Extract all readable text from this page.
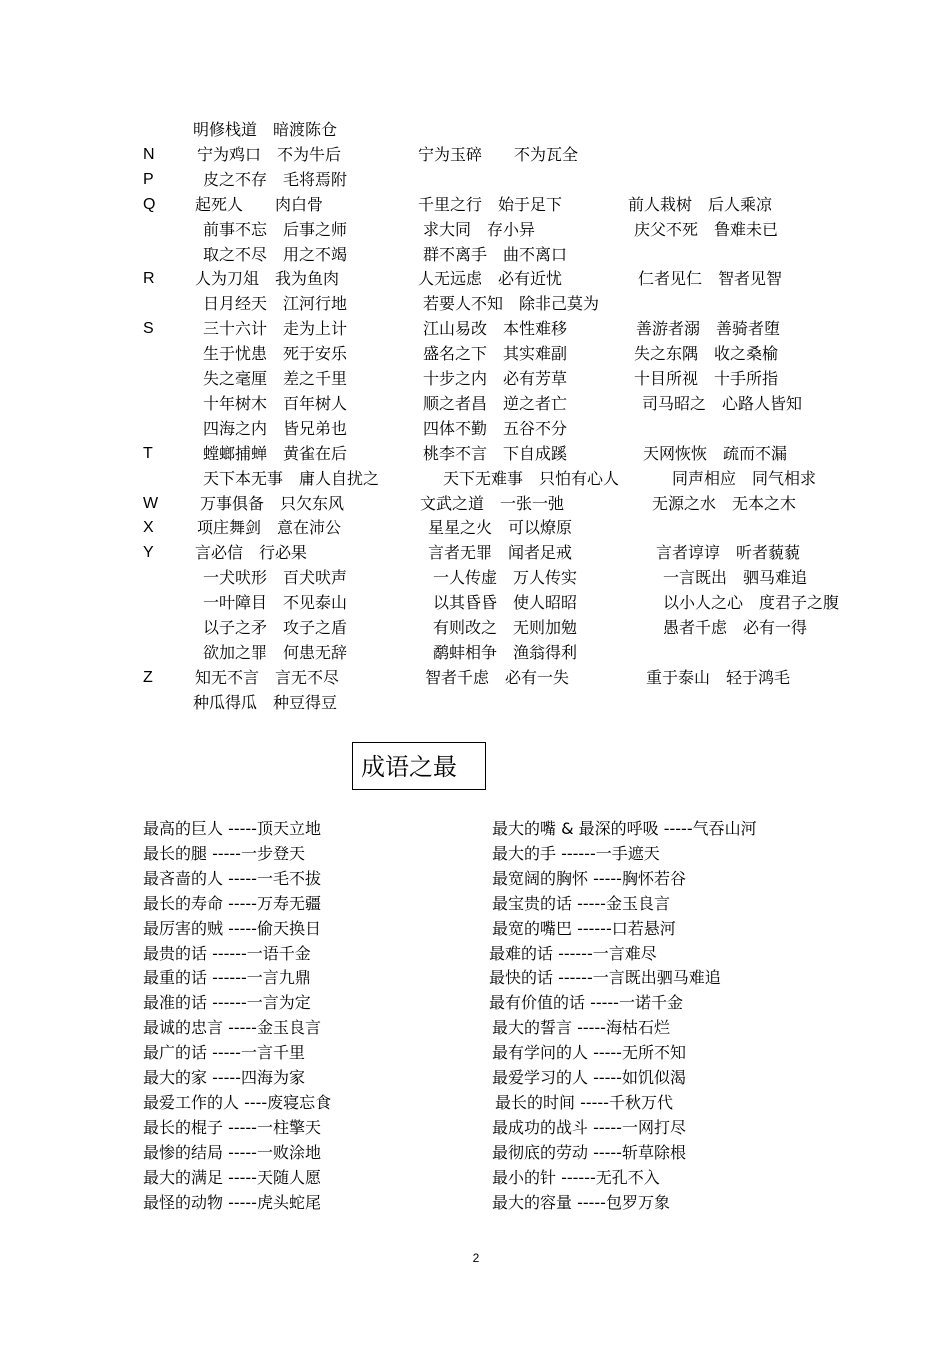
明修栈道　暗渡陈仓
N	宁为鸡口　不为牛后	宁为玉碎　　不为瓦全
P	皮之不存　毛将焉附
Q 起死人　　肉白骨	千里之行　始于足下	前人栽树　后人乘凉
前事不忘　后事之师	求大同　存小异	庆父不死　鲁难未已
取之不尽　用之不竭	群不离手　曲不离口
R	人为刀俎　我为鱼肉	人无远虑　必有近忧	仁者见仁　智者见智
日月经天　江河行地	若要人不知　除非己莫为
S	三十六计　走为上计	江山易改　本性难移	善游者溺　善骑者堕
生于忧患　死于安乐	盛名之下　其实难副	失之东隅　收之桑榆
失之毫厘　差之千里	十步之内　必有芳草	十目所视　十手所指
十年树木　百年树人	顺之者昌　逆之者亡	司马昭之　心路人皆知
四海之内　皆兄弟也	四体不勤　五谷不分
T	螳螂捕蝉　黄雀在后	桃李不言　下自成蹊	天网恢恢　疏而不漏
天下本无事　庸人自扰之	天下无难事　只怕有心人	同声相应　同气相求
W	万事俱备　只欠东风	文武之道　一张一弛	无源之水　无本之木
X	项庄舞剑　意在沛公	星星之火　可以燎原
Y	言必信　行必果	言者无罪　闻者足戒	言者谆谆　听者藐藐
一犬吠形　百犬吠声	一人传虚　万人传实	一言既出　驷马难追
一叶障目　不见泰山	以其昏昏　使人昭昭	以小人之心　度君子之腹
以子之矛　攻子之盾	有则改之　无则加勉	愚者千虑　必有一得
欲加之罪　何患无辞	鹬蚌相争　渔翁得利
Z	知无不言　言无不尽	智者千虑　必有一失	重于泰山　轻于鸿毛
种瓜得瓜　种豆得豆
成语之最
最高的巨人 -----顶天立地	最大的嘴 & 最深的呼吸 -----气吞山河
最长的腿 -----一步登天	最大的手 ------一手遮天
最吝啬的人 -----一毛不拔	最宽阔的胸怀 -----胸怀若谷
最长的寿命 -----万寿无疆	最宝贵的话 -----金玉良言
最厉害的贼 -----偷天换日	最宽的嘴巴 ------口若悬河
最贵的话 ------一语千金	最难的话 ------一言难尽
最重的话 ------一言九鼎	最快的话 ------一言既出驷马难追
最准的话 ------一言为定	最有价值的话 -----一诺千金
最诚的忠言 -----金玉良言	最大的誓言 -----海枯石烂
最广的话 -----一言千里	最有学问的人 -----无所不知
最大的家 -----四海为家	最爱学习的人 -----如饥似渴
最爱工作的人 ----废寝忘食	最长的时间 -----千秋万代
最长的棍子 -----一柱擎天	最成功的战斗 -----一网打尽
最惨的结局 -----一败涂地	最彻底的劳动 -----斩草除根
最大的满足 -----天随人愿	最小的针 ------无孔不入
最怪的动物 -----虎头蛇尾	最大的容量 -----包罗万象
2
